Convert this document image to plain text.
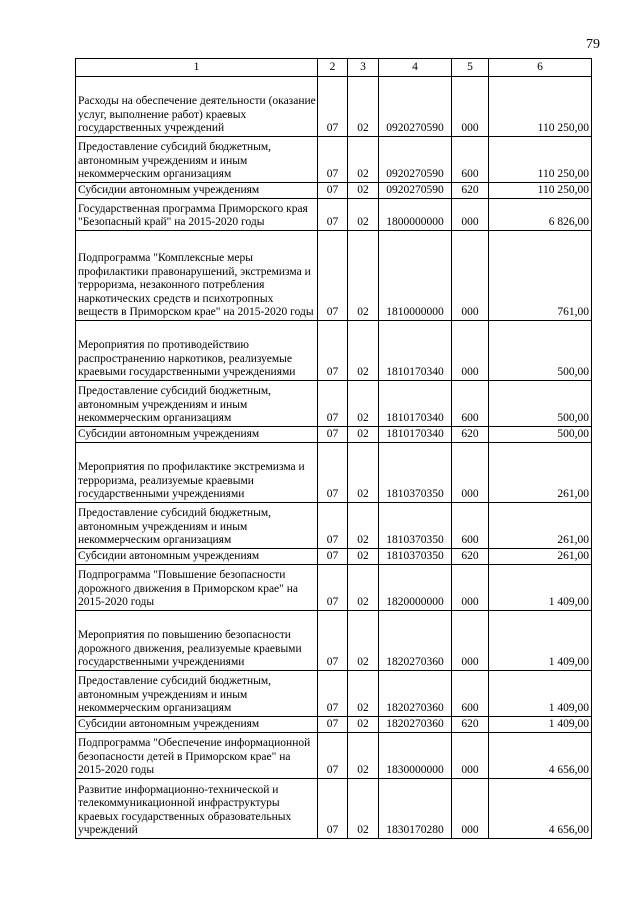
79
1	2	3	4	5	6
Расходы на обеспечение деятельности (оказание услуг, выполнение работ) краевых государственных учреждений	07	02	0920270590	000	110 250,00
Предоставление субсидий бюджетным, автономным учреждениям и иным некоммерческим организациям	07	02	0920270590	600	110 250,00
Субсидии автономным учреждениям	07	02	0920270590	620	110 250,00
Государственная программа Приморского края "Безопасный край" на 2015-2020 годы	07	02	1800000000	000	6 826,00
Подпрограмма "Комплексные меры профилактики правонарушений, экстремизма и терроризма, незаконного потребления наркотических средств и психотропных веществ в Приморском крае" на 2015-2020 годы	07	02	1810000000	000	761,00
Мероприятия по противодействию распространению наркотиков, реализуемые краевыми государственными учреждениями	07	02	1810170340	000	500,00
Предоставление субсидий бюджетным, автономным учреждениям и иным некоммерческим организациям	07	02	1810170340	600	500,00
Субсидии автономным учреждениям	07	02	1810170340	620	500,00
Мероприятия по профилактике экстремизма и терроризма, реализуемые краевыми государственными учреждениями	07	02	1810370350	000	261,00
Предоставление субсидий бюджетным, автономным учреждениям и иным некоммерческим организациям	07	02	1810370350	600	261,00
Субсидии автономным учреждениям	07	02	1810370350	620	261,00
Подпрограмма "Повышение безопасности дорожного движения в Приморском крае" на 2015-2020 годы	07	02	1820000000	000	1 409,00
Мероприятия по повышению безопасности дорожного движения, реализуемые краевыми государственными учреждениями	07	02	1820270360	000	1 409,00
Предоставление субсидий бюджетным, автономным учреждениям и иным некоммерческим организациям	07	02	1820270360	600	1 409,00
Субсидии автономным учреждениям	07	02	1820270360	620	1 409,00
Подпрограмма "Обеспечение информационной безопасности детей в Приморском крае" на 2015-2020 годы	07	02	1830000000	000	4 656,00
Развитие информационно-технической и телекоммуникационной инфраструктуры краевых государственных образовательных учреждений	07	02	1830170280	000	4 656,00
